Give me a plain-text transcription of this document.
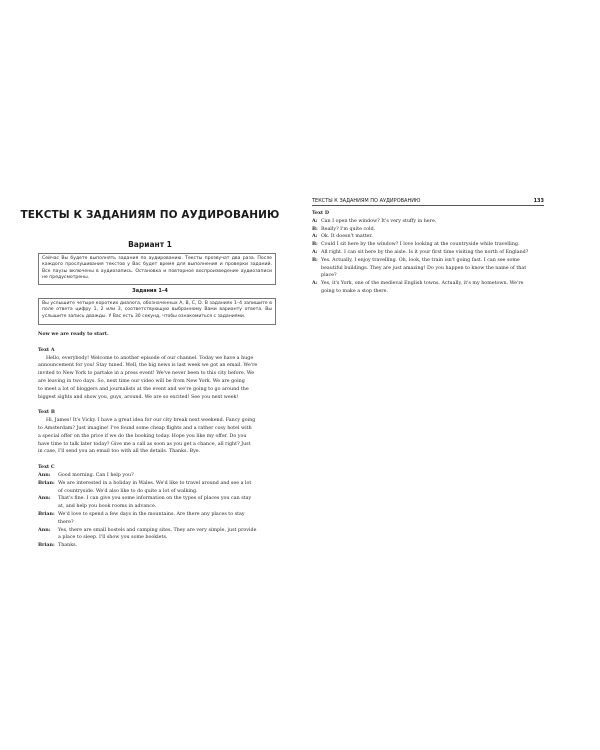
ТЕКСТЫ К ЗАДАНИЯМ ПО АУДИРОВАНИЮ
Вариант 1
Сейчас Вы будете выполнять задания по аудированию. Тексты прозвучат два раза. После каждого прослушивания текстов у Вас будет время для выполнения и проверки заданий. Все паузы включены в аудиозапись. Остановка и повторное воспроизведение аудиозаписи не предусмотрены.
Задания 1–4
Вы услышите четыре коротких диалога, обозначенных A, B, C, D. В заданиях 1–4 запишите в поле ответа цифру 1, 2 или 3, соответствующую выбранному Вами варианту ответа. Вы услышите запись дважды. У Вас есть 30 секунд, чтобы ознакомиться с заданиями.

Now we are ready to start.

Text A

Hello, everybody! Welcome to another episode of our channel. Today we have a huge

announcement for you! Stay tuned. Well, the big news is last week we got an email. We're

invited to New York to partake in a press event! We've never been to this city before. We

are leaving in two days. So, next time our video will be from New York. We are going

to meet a lot of bloggers and journalists at the event and we're going to go around the

biggest sights and show you, guys, around. We are so excited! See you next week!

Text B

Hi, James! It's Vicky. I have a great idea for our city break next weekend. Fancy going

to Amsterdam? Just imagine! I've found some cheap flights and a rather cosy hotel with

a special offer on the price if we do the booking today. Hope you like my offer. Do you

have time to talk later today? Give me a call as soon as you get a chance, all right? Just

in case, I'll send you an email too with all the details. Thanks. Bye.

Text C

Ann:	Good morning. Can I help you?
Brian: We are interested in a holiday in Wales. We'd like to travel around and see a lot
of countryside. We'd also like to do quite a lot of walking.
Ann:	That's fine. I can give you some information on the types of places you can stay
at, and help you book rooms in advance.
Brian: We'd love to spend a few days in the mountains. Are there any places to stay
there?
Ann:	Yes, there are small hostels and camping sites. They are very simple, just provide
a place to sleep. I'll show you some booklets.
Brian: Thanks.
ТЕКСТЫ К ЗАДАНИЯМ ПО АУДИРОВАНИЮ	133

Text D

A: Can I open the window? It's very stuffy in here.
B: Really? I'm quite cold.
A: Ok. It doesn't matter.
B: Could I sit here by the window? I love looking at the countryside while travelling.
A: All right. I can sit here by the aisle. Is it your first time visiting the north of England?
B: Yes. Actually, I enjoy travelling. Oh, look, the train isn't going fast. I can see some
beautiful buildings. They are just amazing! Do you happen to know the name of that
place?
A: Yes, it's York, one of the medieval English towns. Actually, it's my hometown. We're
going to make a stop there.
